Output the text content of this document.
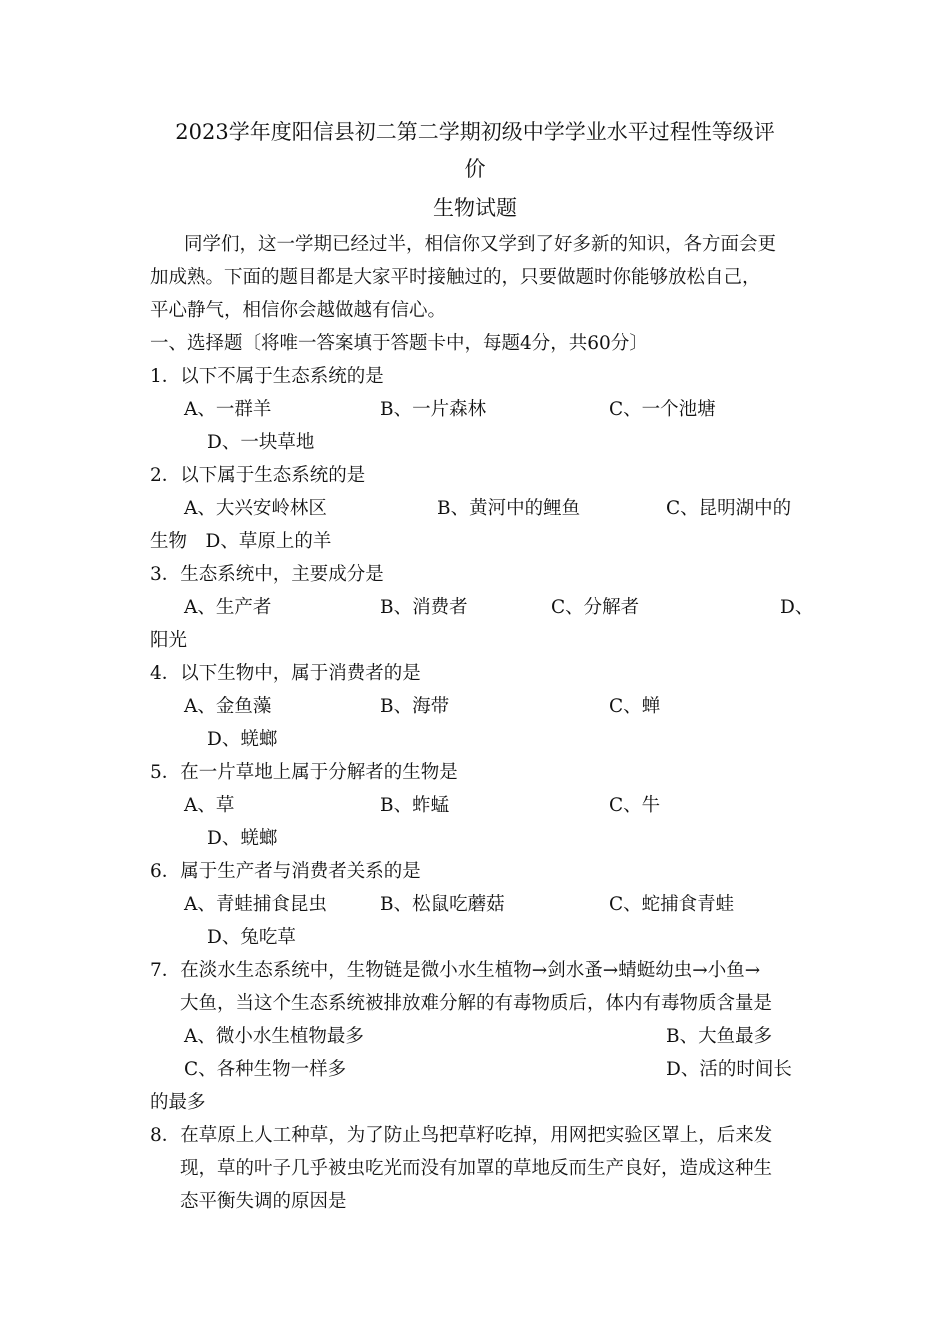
2023学年度阳信县初二第二学期初级中学学业水平过程性等级评
价
生物试题
同学们，这一学期已经过半，相信你又学到了好多新的知识，各方面会更
加成熟。下面的题目都是大家平时接触过的，只要做题时你能够放松自己，
平心静气，相信你会越做越有信心。
一、选择题〔将唯一答案填于答题卡中，每题4分，共60分〕
1．以下不属于生态系统的是
A、一群羊	B、一片森林	C、一个池塘
D、一块草地
2．以下属于生态系统的是
A、大兴安岭林区	B、黄河中的鲤鱼	C、昆明湖中的
生物　D、草原上的羊
3．生态系统中，主要成分是
A、生产者	B、消费者	C、分解者	D、
阳光
4．以下生物中，属于消费者的是
A、金鱼藻	B、海带	C、蝉
D、蜣螂
5．在一片草地上属于分解者的生物是
A、草	B、蚱蜢	C、牛
D、蜣螂
6．属于生产者与消费者关系的是
A、青蛙捕食昆虫	B、松鼠吃蘑菇	C、蛇捕食青蛙
D、兔吃草
7．在淡水生态系统中，生物链是微小水生植物→剑水蚤→蜻蜓幼虫→小鱼→
大鱼，当这个生态系统被排放难分解的有毒物质后，体内有毒物质含量是
A、微小水生植物最多	B、大鱼最多
C、各种生物一样多	D、活的时间长
的最多
8．在草原上人工种草，为了防止鸟把草籽吃掉，用网把实验区罩上，后来发
现，草的叶子几乎被虫吃光而没有加罩的草地反而生产良好，造成这种生
态平衡失调的原因是
